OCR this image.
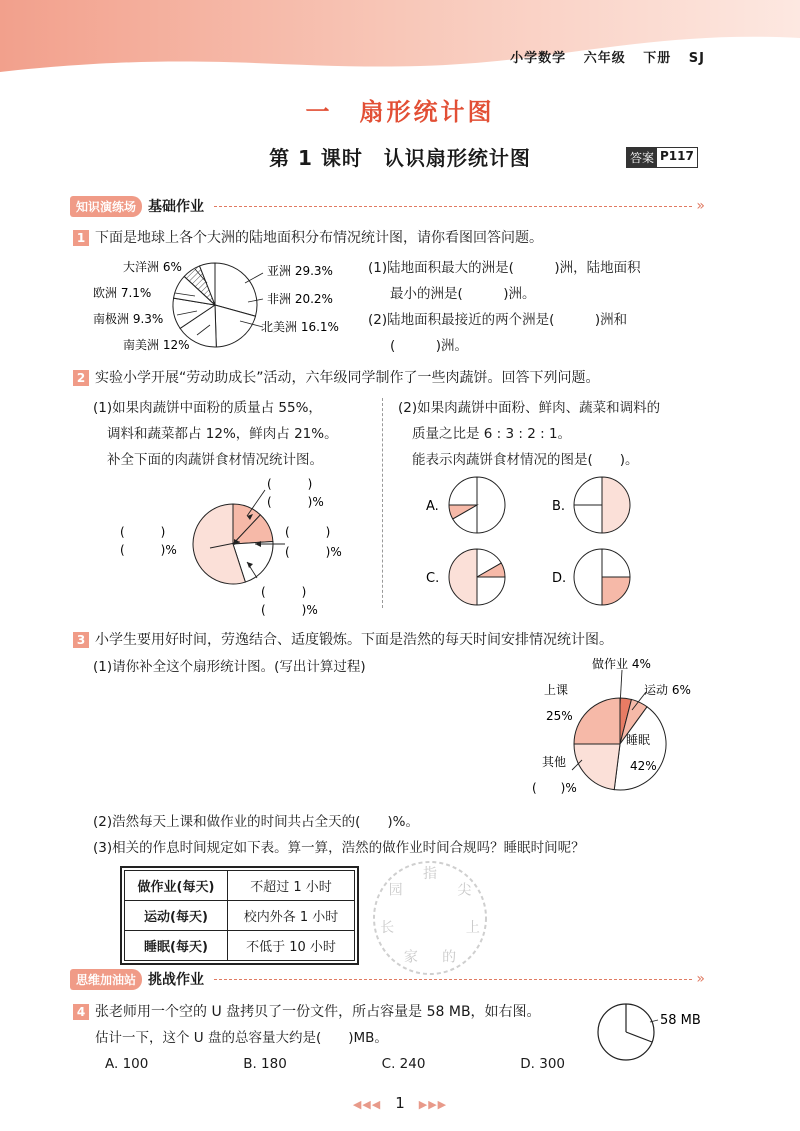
小学数学 六年级 下册 SJ
一　扇形统计图
第 1 课时　认识扇形统计图	答案 P117
知识演练场 基础作业	»
1 下面是地球上各个大洲的陆地面积分布情况统计图，请你看图回答问题。
大洋洲 6%
欧洲 7.1%
南极洲 9.3%
南美洲 12%
亚洲 29.3%
非洲 20.2%
北美洲 16.1%
(1)陆地面积最大的洲是(　　　)洲，陆地面积
最小的洲是(　　　)洲。
(2)陆地面积最接近的两个洲是(　　　)洲和
(　　　)洲。
2 实验小学开展“劳动助成长”活动，六年级同学制作了一些肉蔬饼。回答下列问题。
(1)如果肉蔬饼中面粉的质量占 55%，
调料和蔬菜都占 12%，鲜肉占 21%。
补全下面的肉蔬饼食材情况统计图。
(　　　)
(　　　)%
(　　　)
(　　　)%
(　　　)
(　　　)%
(　　　)
(　　　)%
(2)如果肉蔬饼中面粉、鲜肉、蔬菜和调料的
质量之比是 6 : 3 : 2 : 1。
能表示肉蔬饼食材情况的图是(　　)。
A.	B.
C.	D.
3 小学生要用好时间，劳逸结合、适度锻炼。下面是浩然的每天时间安排情况统计图。
(1)请你补全这个扇形统计图。(写出计算过程)	做作业 4%
运动 6%
上课
25%
睡眠
42%
其他
(　　)%
(2)浩然每天上课和做作业的时间共占全天的(　　)%。
(3)相关的作息时间规定如下表。算一算，浩然的做作业时间合规吗？睡眠时间呢？
做作业(每天)	不超过 1 小时
运动(每天)	校内外各 1 小时
睡眠(每天)	不低于 10 小时
指
尖
上
的
家
长
园
思维加油站 挑战作业	»
4 张老师用一个空的 U 盘拷贝了一份文件，所占容量是 58 MB，如右图。
估计一下，这个 U 盘的总容量大约是(　　)MB。
A. 100	B. 180	C. 240	D. 300
58 MB
◀◀◀ 1 ▶▶▶
